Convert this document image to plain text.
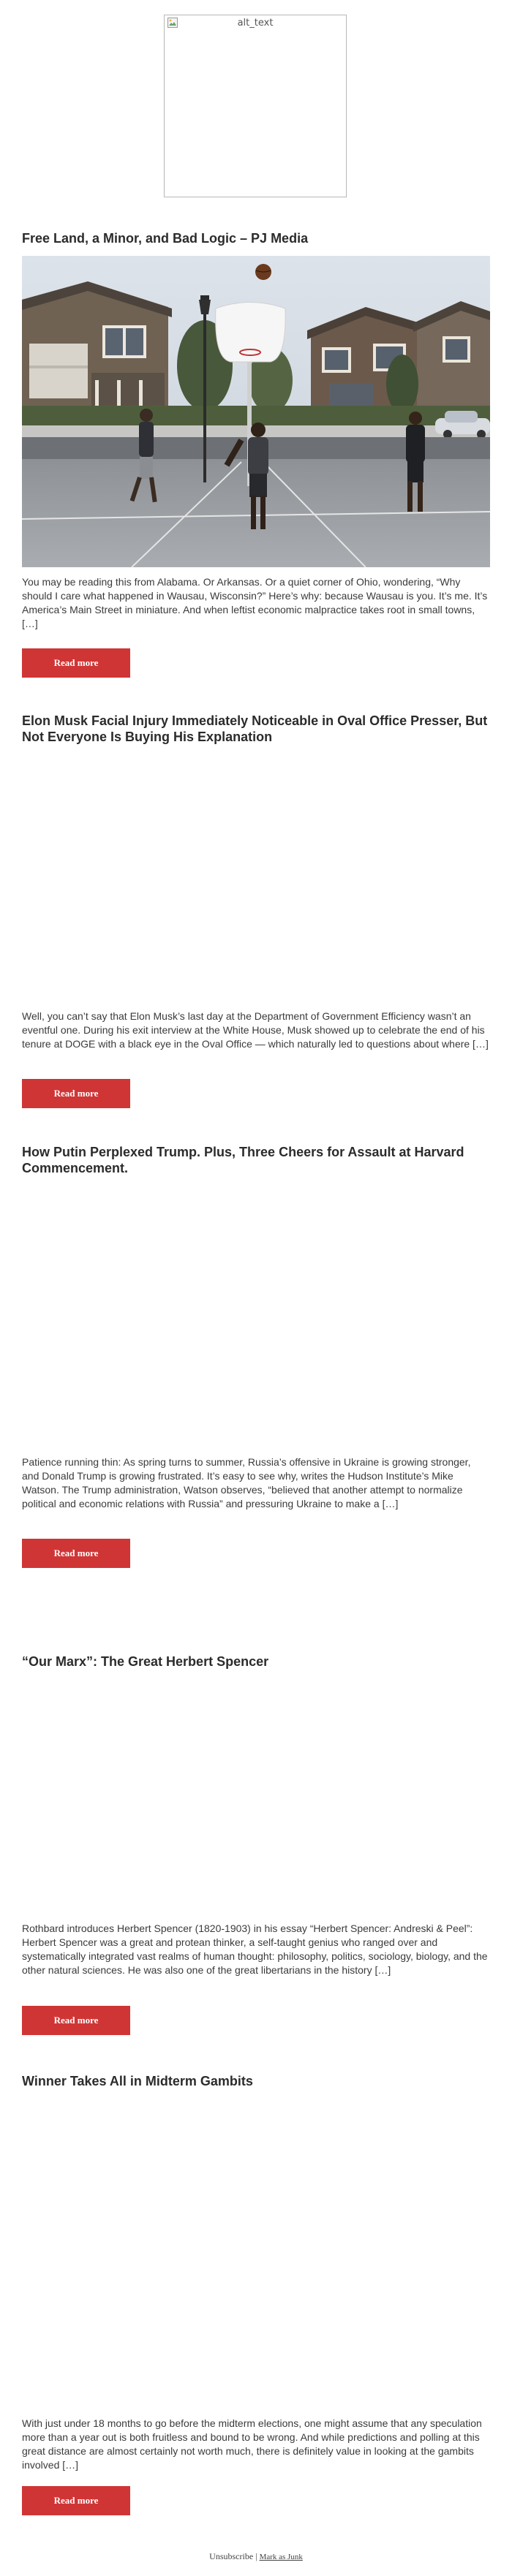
alt_text
Free Land, a Minor, and Bad Logic – PJ Media

You may be reading this from Alabama. Or Arkansas. Or a quiet corner of Ohio, wondering, “Why should I care what happened in Wausau, Wisconsin?” Here’s why: because Wausau is you. It’s me. It’s America’s Main Street in miniature. And when leftist economic malpractice takes root in small towns, […]

Read more
Elon Musk Facial Injury Immediately Noticeable in Oval Office Presser, But Not Everyone Is Buying His Explanation

Well, you can’t say that Elon Musk’s last day at the Department of Government Efficiency wasn’t an eventful one. During his exit interview at the White House, Musk showed up to celebrate the end of his tenure at DOGE with a black eye in the Oval Office — which naturally led to questions about where […]

Read more
How Putin Perplexed Trump. Plus, Three Cheers for Assault at Harvard Commencement.

Patience running thin: As spring turns to summer, Russia’s offensive in Ukraine is growing stronger, and Donald Trump is growing frustrated. It’s easy to see why, writes the Hudson Institute’s Mike Watson. The Trump administration, Watson observes, “believed that another attempt to normalize political and economic relations with Russia” and pressuring Ukraine to make a […]

Read more
“Our Marx”: The Great Herbert Spencer

Rothbard introduces Herbert Spencer (1820-1903) in his essay “Herbert Spencer: Andreski & Peel”: Herbert Spencer was a great and protean thinker, a self-taught genius who ranged over and systematically integrated vast realms of human thought: philosophy, politics, sociology, biology, and the other natural sciences. He was also one of the great libertarians in the history […]

Read more
Winner Takes All in Midterm Gambits

With just under 18 months to go before the midterm elections, one might assume that any speculation more than a year out is both fruitless and bound to be wrong. And while predictions and polling at this great distance are almost certainly not worth much, there is definitely value in looking at the gambits involved […]

Read more
Unsubscribe | Mark as Junk
